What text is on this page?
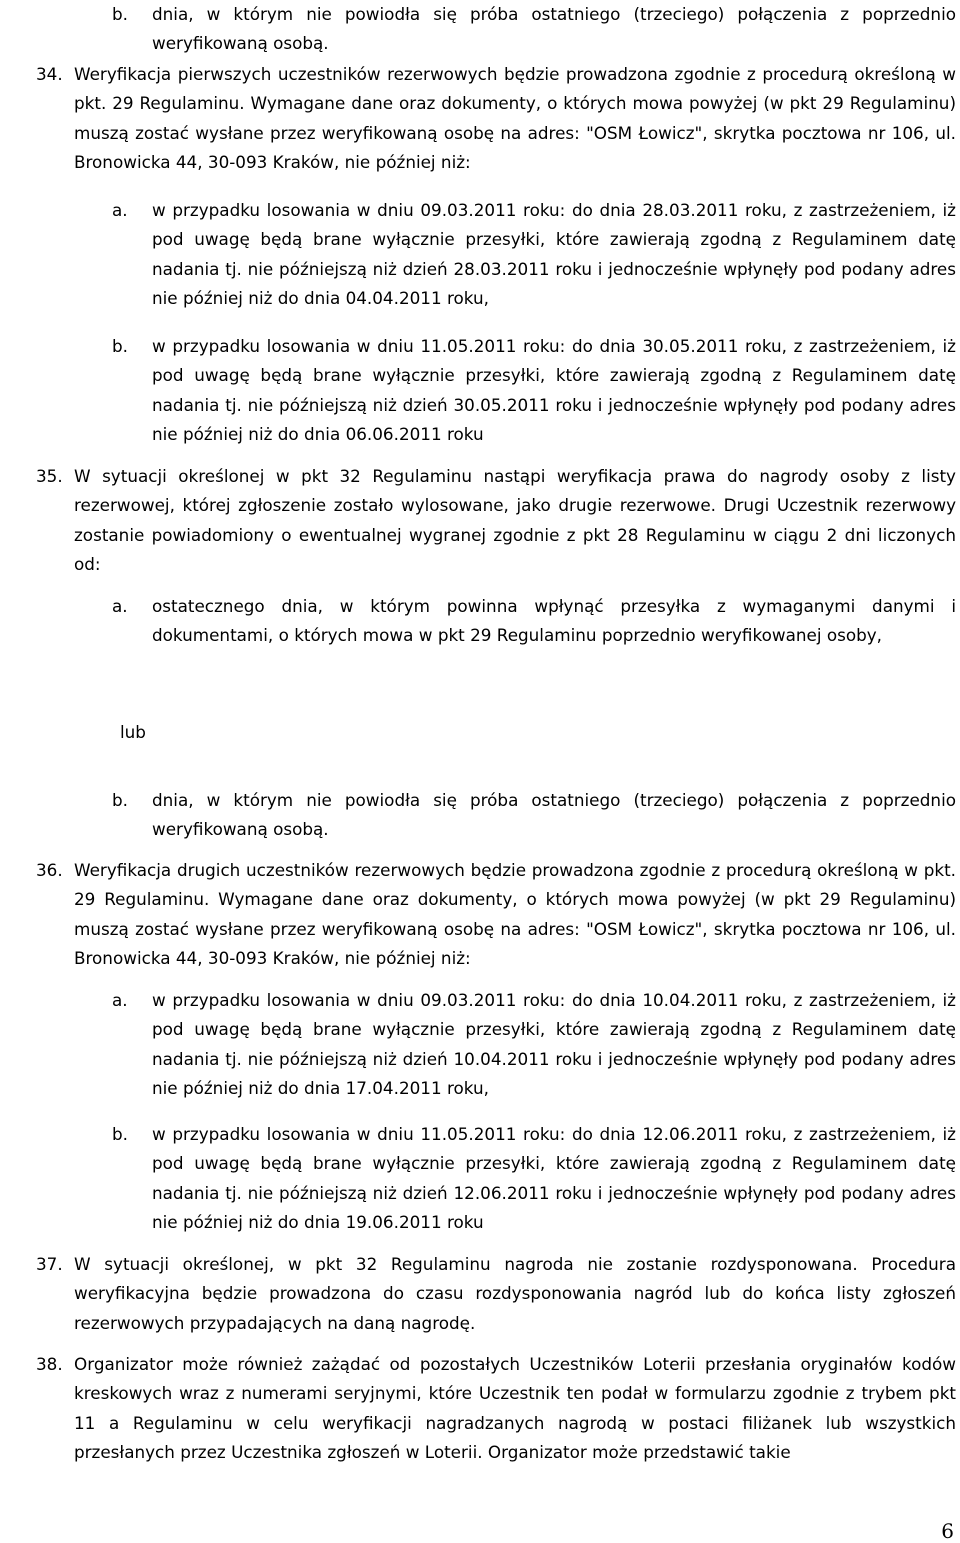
b. dnia, w którym nie powiodła się próba ostatniego (trzeciego) połączenia z poprzednio weryfikowaną osobą.

34. Weryfikacja pierwszych uczestników rezerwowych będzie prowadzona zgodnie z procedurą określoną w pkt. 29 Regulaminu. Wymagane dane oraz dokumenty, o których mowa powyżej (w pkt 29 Regulaminu) muszą zostać wysłane przez weryfikowaną osobę na adres: "OSM Łowicz", skrytka pocztowa nr 106, ul. Bronowicka 44, 30-093 Kraków, nie później niż:

a. w przypadku losowania w dniu 09.03.2011 roku: do dnia 28.03.2011 roku, z zastrzeżeniem, iż pod uwagę będą brane wyłącznie przesyłki, które zawierają zgodną z Regulaminem datę nadania tj. nie późniejszą niż dzień 28.03.2011 roku i jednocześnie wpłynęły pod podany adres nie później niż do dnia 04.04.2011 roku,

b. w przypadku losowania w dniu 11.05.2011 roku: do dnia 30.05.2011 roku, z zastrzeżeniem, iż pod uwagę będą brane wyłącznie przesyłki, które zawierają zgodną z Regulaminem datę nadania tj. nie późniejszą niż dzień 30.05.2011 roku i jednocześnie wpłynęły pod podany adres nie później niż do dnia 06.06.2011 roku

35. W sytuacji określonej w pkt 32 Regulaminu nastąpi weryfikacja prawa do nagrody osoby z listy rezerwowej, której zgłoszenie zostało wylosowane, jako drugie rezerwowe. Drugi Uczestnik rezerwowy zostanie powiadomiony o ewentualnej wygranej zgodnie z pkt 28 Regulaminu w ciągu 2 dni liczonych od:

a. ostatecznego dnia, w którym powinna wpłynąć przesyłka z wymaganymi danymi i dokumentami, o których mowa w pkt 29 Regulaminu poprzednio weryfikowanej osoby,

lub

b. dnia, w którym nie powiodła się próba ostatniego (trzeciego) połączenia z poprzednio weryfikowaną osobą.

36. Weryfikacja drugich uczestników rezerwowych będzie prowadzona zgodnie z procedurą określoną w pkt. 29 Regulaminu. Wymagane dane oraz dokumenty, o których mowa powyżej (w pkt 29 Regulaminu) muszą zostać wysłane przez weryfikowaną osobę na adres: "OSM Łowicz", skrytka pocztowa nr 106, ul. Bronowicka 44, 30-093 Kraków, nie później niż:

a. w przypadku losowania w dniu 09.03.2011 roku: do dnia 10.04.2011 roku, z zastrzeżeniem, iż pod uwagę będą brane wyłącznie przesyłki, które zawierają zgodną z Regulaminem datę nadania tj. nie późniejszą niż dzień 10.04.2011 roku i jednocześnie wpłynęły pod podany adres nie później niż do dnia 17.04.2011 roku,

b. w przypadku losowania w dniu 11.05.2011 roku: do dnia 12.06.2011 roku, z zastrzeżeniem, iż pod uwagę będą brane wyłącznie przesyłki, które zawierają zgodną z Regulaminem datę nadania tj. nie późniejszą niż dzień 12.06.2011 roku i jednocześnie wpłynęły pod podany adres nie później niż do dnia 19.06.2011 roku

37. W sytuacji określonej, w pkt 32 Regulaminu nagroda nie zostanie rozdysponowana. Procedura weryfikacyjna będzie prowadzona do czasu rozdysponowania nagród lub do końca listy zgłoszeń rezerwowych przypadających na daną nagrodę.

38. Organizator może również zażądać od pozostałych Uczestników Loterii przesłania oryginałów kodów kreskowych wraz z numerami seryjnymi, które Uczestnik ten podał w formularzu zgodnie z trybem pkt 11 a Regulaminu w celu weryfikacji nagradzanych nagrodą w postaci filiżanek lub wszystkich przesłanych przez Uczestnika zgłoszeń w Loterii. Organizator może przedstawić takie

6
